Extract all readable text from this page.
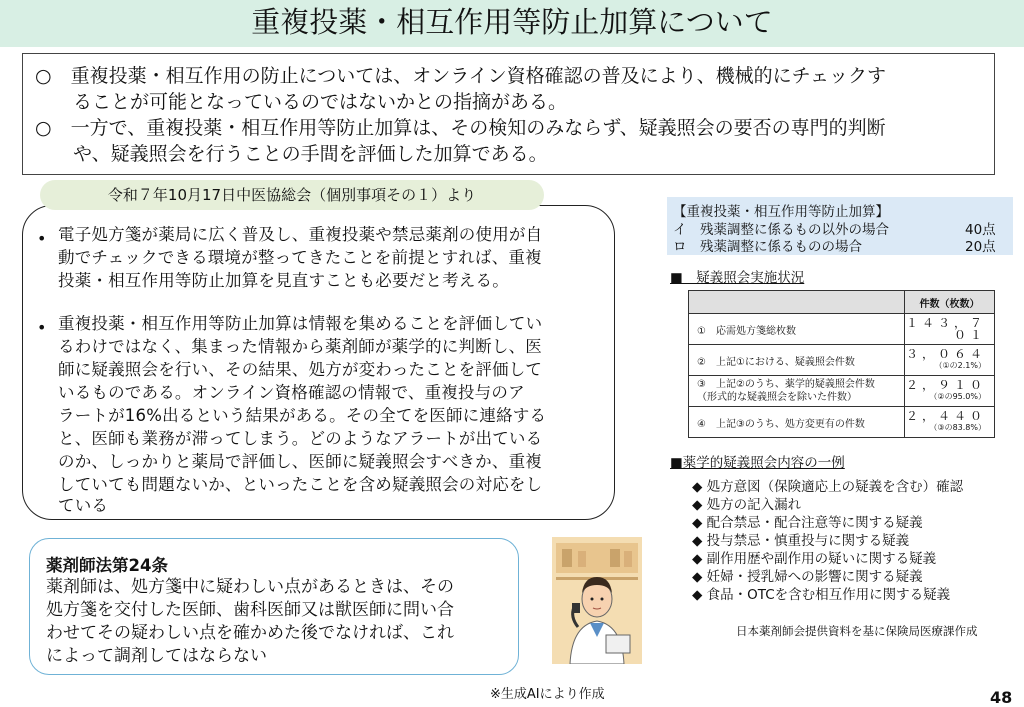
重複投薬・相互作用等防止加算について
○　重複投薬・相互作用の防止については、オンライン資格確認の普及により、機械的にチェックす
　　ることが可能となっているのではないかとの指摘がある。
○　一方で、重複投薬・相互作用等防止加算は、その検知のみならず、疑義照会の要否の専門的判断
　　や、疑義照会を行うことの手間を評価した加算である。
• 電子処方箋が薬局に広く普及し、重複投薬や禁忌薬剤の使用が自
動でチェックできる環境が整ってきたことを前提とすれば、重複
投薬・相互作用等防止加算を見直すことも必要だと考える。
• 重複投薬・相互作用等防止加算は情報を集めることを評価してい
るわけではなく、集まった情報から薬剤師が薬学的に判断し、医
師に疑義照会を行い、その結果、処方が変わったことを評価して
いるものである。オンライン資格確認の情報で、重複投与のア
ラートが16%出るという結果がある。その全てを医師に連絡する
と、医師も業務が滞ってしまう。どのようなアラートが出ている
のか、しっかりと薬局で評価し、医師に疑義照会すべきか、重複
していても問題ないか、といったことを含め疑義照会の対応をし
ている
令和７年10月17日中医協総会（個別事項その１）より
薬剤師法第24条
薬剤師は、処方箋中に疑わしい点があるときは、その
処方箋を交付した医師、歯科医師又は獣医師に問い合
わせてその疑わしい点を確かめた後でなければ、これ
によって調剤してはならない
※生成AIにより作成
【重複投薬・相互作用等防止加算】
イ　残薬調整に係るもの以外の場合	40点
ロ　残薬調整に係るものの場合	20点
■　疑義照会実施状況
	件数（枚数）
①　応需処方箋総枚数	１４３，７０１
②　上記①における、疑義照会件数	３，０６４
（①の2.1%）

③　上記②のうち、薬学的疑義照会件数
（形式的な疑義照会を除いた件数）	２，９１０
（②の95.0%）

④　上記③のうち、処方変更有の件数	２，４４０
（③の83.8%）
■薬学的疑義照会内容の一例
◆ 処方意図（保険適応上の疑義を含む）確認
◆ 処方の記入漏れ
◆ 配合禁忌・配合注意等に関する疑義
◆ 投与禁忌・慎重投与に関する疑義
◆ 副作用歴や副作用の疑いに関する疑義
◆ 妊婦・授乳婦への影響に関する疑義
◆ 食品・OTCを含む相互作用に関する疑義
日本薬剤師会提供資料を基に保険局医療課作成
48
